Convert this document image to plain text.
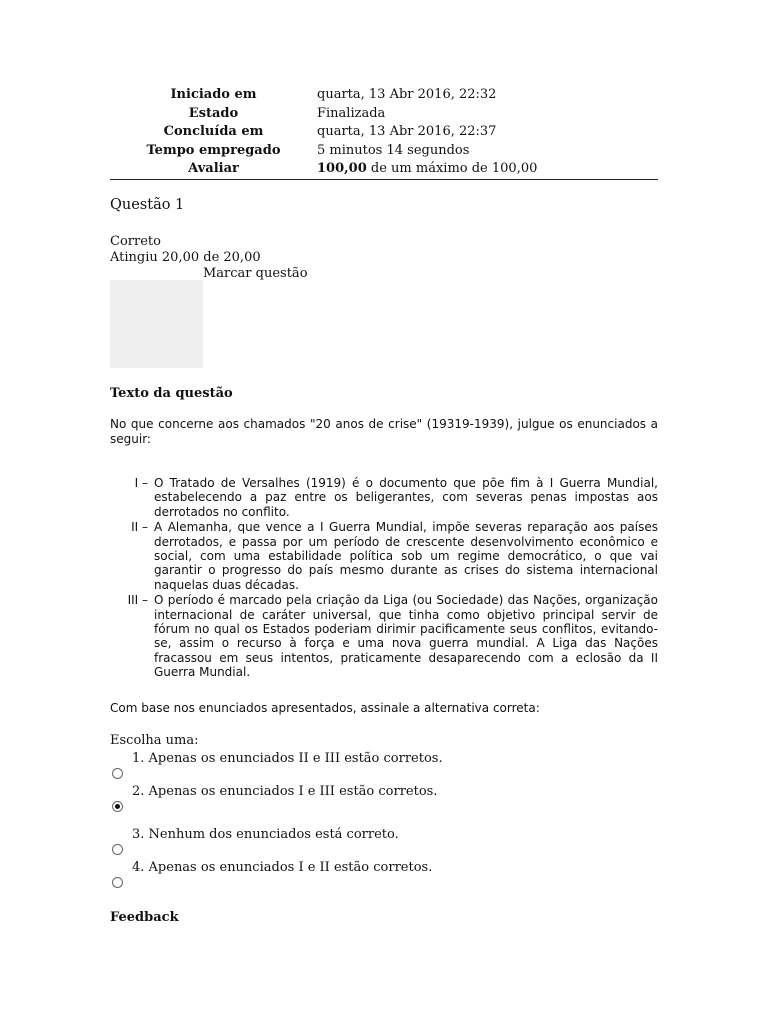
Iniciado em	quarta, 13 Abr 2016, 22:32
Estado	Finalizada
Concluída em	quarta, 13 Abr 2016, 22:37
Tempo empregado	5 minutos 14 segundos
Avaliar	100,00 de um máximo de 100,00
Questão 1
Correto
Atingiu 20,00 de 20,00
Marcar questão
Texto da questão
No que concerne aos chamados "20 anos de crise" (19319-1939), julgue os enunciados a seguir:
I – O Tratado de Versalhes (1919) é o documento que põe fim à I Guerra Mundial, estabelecendo a paz entre os beligerantes, com severas penas impostas aos derrotados no conflito.
II – A Alemanha, que vence a I Guerra Mundial, impõe severas reparação aos países derrotados, e passa por um período de crescente desenvolvimento econômico e social, com uma estabilidade política sob um regime democrático, o que vai garantir o progresso do país mesmo durante as crises do sistema internacional naquelas duas décadas.
III – O período é marcado pela criação da Liga (ou Sociedade) das Nações, organização internacional de caráter universal, que tinha como objetivo principal servir de fórum no qual os Estados poderiam dirimir pacificamente seus conflitos, evitando-se, assim o recurso à força e uma nova guerra mundial. A Liga das Nações fracassou em seus intentos, praticamente desaparecendo com a eclosão da II Guerra Mundial.
Com base nos enunciados apresentados, assinale a alternativa correta:
Escolha uma:
1. Apenas os enunciados II e III estão corretos.
2. Apenas os enunciados I e III estão corretos.
3. Nenhum dos enunciados está correto.
4. Apenas os enunciados I e II estão corretos.
Feedback
